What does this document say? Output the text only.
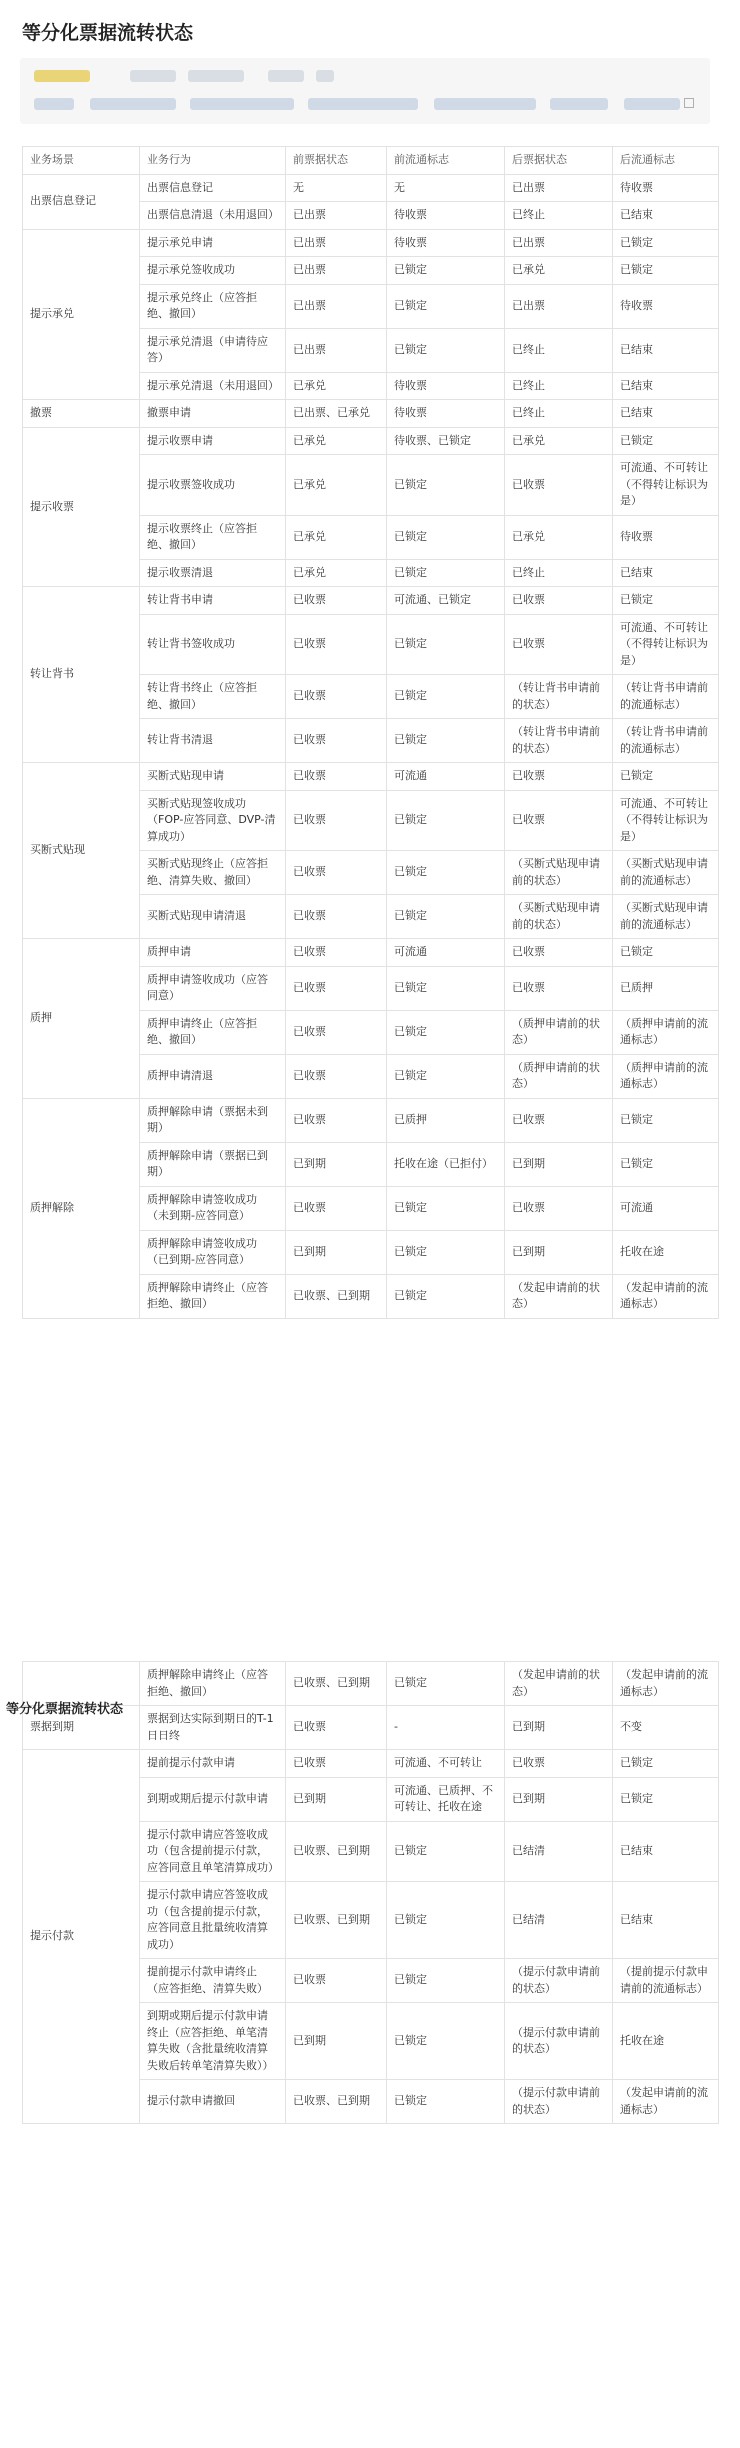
等分化票据流转状态
业务场景	业务行为	前票据状态	前流通标志	后票据状态	后流通标志
出票信息登记	出票信息登记	无	无	已出票	待收票
	出票信息清退（未用退回）	已出票	待收票	已终止	已结束
提示承兑	提示承兑申请	已出票	待收票	已出票	已锁定
	提示承兑签收成功	已出票	已锁定	已承兑	已锁定
	提示承兑终止（应答拒绝、撤回）	已出票	已锁定	已出票	待收票
	提示承兑清退（申请待应答）	已出票	已锁定	已终止	已结束
	提示承兑清退（未用退回）	已承兑	待收票	已终止	已结束
撤票	撤票申请	已出票、已承兑	待收票	已终止	已结束
提示收票	提示收票申请	已承兑	待收票、已锁定	已承兑	已锁定
	提示收票签收成功	已承兑	已锁定	已收票	可流通、不可转让（不得转让标识为是）
	提示收票终止（应答拒绝、撤回）	已承兑	已锁定	已承兑	待收票
	提示收票清退	已承兑	已锁定	已终止	已结束
转让背书	转让背书申请	已收票	可流通、已锁定	已收票	已锁定
	转让背书签收成功	已收票	已锁定	已收票	可流通、不可转让（不得转让标识为是）
	转让背书终止（应答拒绝、撤回）	已收票	已锁定	（转让背书申请前的状态）	（转让背书申请前的流通标志）
	转让背书清退	已收票	已锁定	（转让背书申请前的状态）	（转让背书申请前的流通标志）
买断式贴现	买断式贴现申请	已收票	可流通	已收票	已锁定
	买断式贴现签收成功（FOP-应答同意、DVP-清算成功）	已收票	已锁定	已收票	可流通、不可转让（不得转让标识为是）
	买断式贴现终止（应答拒绝、清算失败、撤回）	已收票	已锁定	（买断式贴现申请前的状态）	（买断式贴现申请前的流通标志）
	买断式贴现申请清退	已收票	已锁定	（买断式贴现申请前的状态）	（买断式贴现申请前的流通标志）
质押	质押申请	已收票	可流通	已收票	已锁定
	质押申请签收成功（应答同意）	已收票	已锁定	已收票	已质押
	质押申请终止（应答拒绝、撤回）	已收票	已锁定	（质押申请前的状态）	（质押申请前的流通标志）
	质押申请清退	已收票	已锁定	（质押申请前的状态）	（质押申请前的流通标志）
质押解除	质押解除申请（票据未到期）	已收票	已质押	已收票	已锁定
	质押解除申请（票据已到期）	已到期	托收在途（已拒付）	已到期	已锁定
	质押解除申请签收成功（未到期-应答同意）	已收票	已锁定	已收票	可流通
	质押解除申请签收成功（已到期-应答同意）	已到期	已锁定	已到期	托收在途
	质押解除申请终止（应答拒绝、撤回）	已收票、已到期	已锁定	（发起申请前的状态）	（发起申请前的流通标志）
	质押解除申请终止（应答拒绝、撤回）	已收票、已到期	已锁定	（发起申请前的状态）	（发起申请前的流通标志）
票据到期	票据到达实际到期日的T-1日日终	已收票	-	已到期	不变
提示付款	提前提示付款申请	已收票	可流通、不可转让	已收票	已锁定
	到期或期后提示付款申请	已到期	可流通、已质押、不可转让、托收在途	已到期	已锁定
	提示付款申请应答签收成功（包含提前提示付款，应答同意且单笔清算成功）	已收票、已到期	已锁定	已结清	已结束
	提示付款申请应答签收成功（包含提前提示付款，应答同意且批量统收清算成功）	已收票、已到期	已锁定	已结清	已结束
	提前提示付款申请终止（应答拒绝、清算失败）	已收票	已锁定	（提示付款申请前的状态）	（提前提示付款申请前的流通标志）
	到期或期后提示付款申请终止（应答拒绝、单笔清算失败（含批量统收清算失败后转单笔清算失败））	已到期	已锁定	（提示付款申请前的状态）	托收在途
	提示付款申请撤回	已收票、已到期	已锁定	（提示付款申请前的状态）	（发起申请前的流通标志）
等分化票据流转状态
